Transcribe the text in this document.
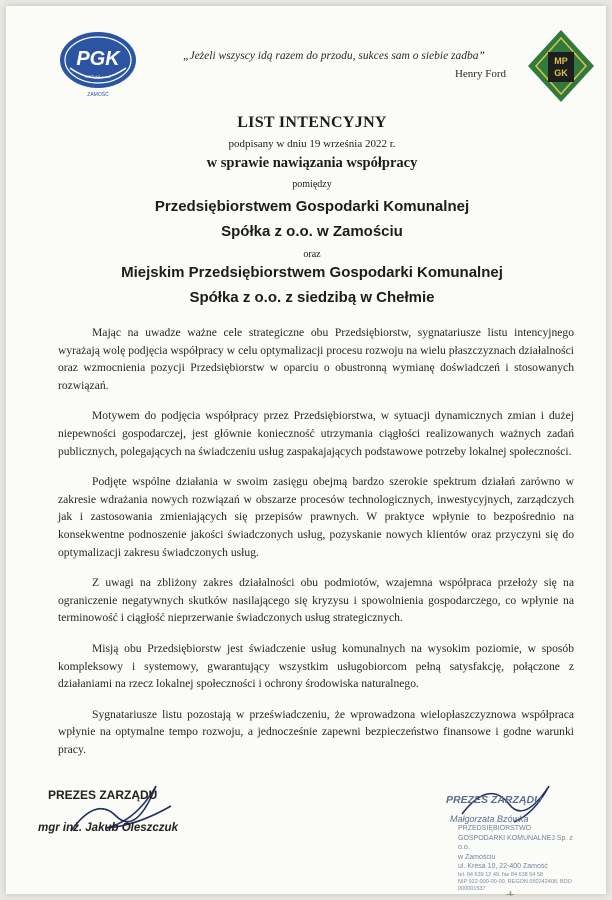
PGK
SPÓŁKA z o.o.
ZAMOŚĆ
„Jeżeli wszyscy idą razem do przodu, sukces sam o siebie zadba”
Henry Ford
MP
GK
LIST INTENCYJNY
podpisany w dniu 19 września 2022 r.
w sprawie nawiązania współpracy
pomiędzy
Przedsiębiorstwem Gospodarki Komunalnej
Spółka z o.o. w Zamościu
oraz
Miejskim Przedsiębiorstwem Gospodarki Komunalnej
Spółka z o.o. z siedzibą w Chełmie

Mając na uwadze ważne cele strategiczne obu Przedsiębiorstw, sygnatariusze listu intencyjnego wyrażają wolę podjęcia współpracy w celu optymalizacji procesu rozwoju na wielu płaszczyznach działalności oraz wzmocnienia pozycji Przedsiębiorstw w oparciu o obustronną wymianę doświadczeń i stosowanych rozwiązań.

Motywem do podjęcia współpracy przez Przedsiębiorstwa, w sytuacji dynamicznych zmian i dużej niepewności gospodarczej, jest głównie konieczność utrzymania ciągłości realizowanych ważnych zadań publicznych, polegających na świadczeniu usług zaspakajających podstawowe potrzeby lokalnej społeczności.

Podjęte wspólne działania w swoim zasięgu obejmą bardzo szerokie spektrum działań zarówno w zakresie wdrażania nowych rozwiązań w obszarze procesów technologicznych, inwestycyjnych, zarządczych jak i zastosowania zmieniających się przepisów prawnych. W praktyce wpłynie to bezpośrednio na konsekwentne podnoszenie jakości świadczonych usług, pozyskanie nowych klientów oraz przyczyni się do optymalizacji zakresu świadczonych usług.

Z uwagi na zbliżony zakres działalności obu podmiotów, wzajemna współpraca przełoży się na ograniczenie negatywnych skutków nasilającego się kryzysu i spowolnienia gospodarczego, co wpłynie na terminowość i ciągłość nieprzerwanie świadczonych usług strategicznych.

Misją obu Przedsiębiorstw jest świadczenie usług komunalnych na wysokim poziomie, w sposób kompleksowy i systemowy, gwarantujący wszystkim usługobiorcom pełną satysfakcję, połączone z działaniami na rzecz lokalnej społeczności i ochrony środowiska naturalnego.

Sygnatariusze listu pozostają w przeświadczeniu, że wprowadzona wielopłaszczyznowa współpraca wpłynie na optymalne tempo rozwoju, a jednocześnie zapewni bezpieczeństwo finansowe i godne warunki pracy.

PREZES ZARZĄDU
mgr inż. Jakub Oleszczuk
PREZES ZARZĄDU
Małgorzata Bzówka
PRZEDSIĘBIORSTWO
GOSPODARKI KOMUNALNEJ Sp. z o.o.
w Zamościu
ul. Kresa 10, 22-400 Zamość
tel. 84 639 12 49, fax 84 638 54 58
NIP 922-000-00-00, REGON 050242408, BDO 000001537
-4-
